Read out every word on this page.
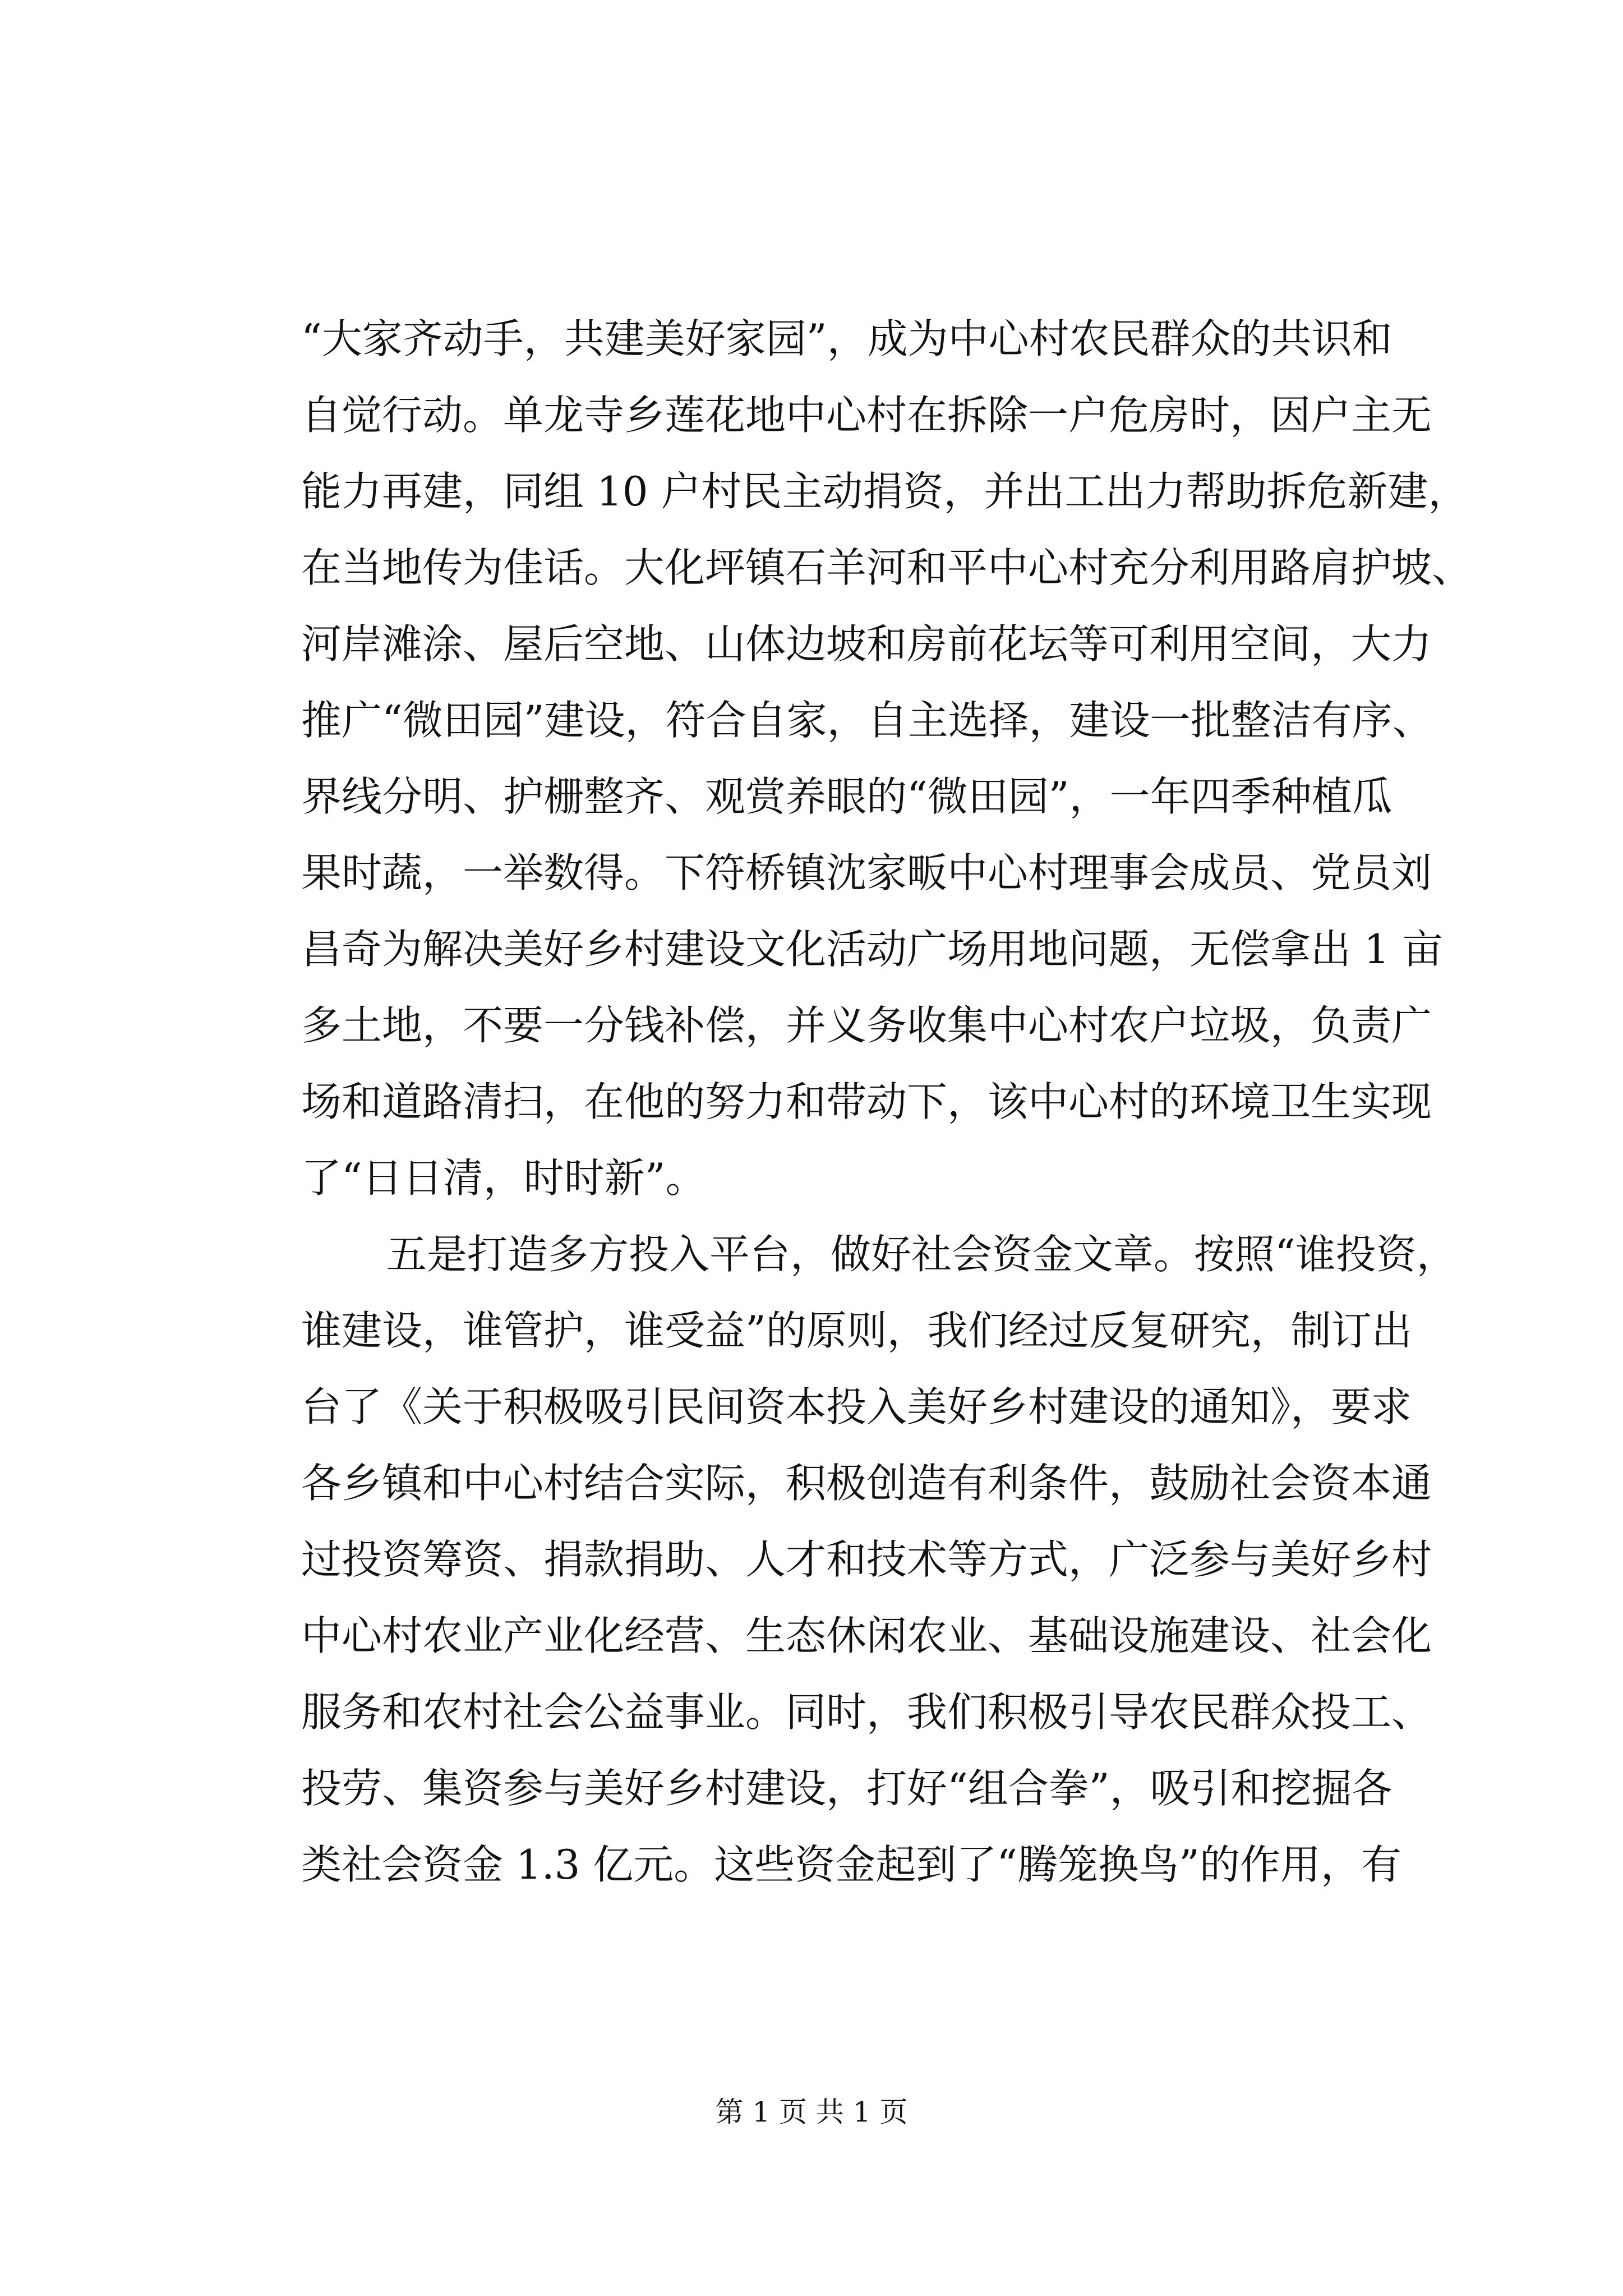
“大家齐动手，共建美好家园”，成为中心村农民群众的共识和
自觉行动。单龙寺乡莲花地中心村在拆除一户危房时，因户主无
能力再建，同组 10 户村民主动捐资，并出工出力帮助拆危新建，
在当地传为佳话。大化坪镇石羊河和平中心村充分利用路肩护坡、
河岸滩涂、屋后空地、山体边坡和房前花坛等可利用空间，大力
推广“微田园”建设，符合自家，自主选择，建设一批整洁有序、
界线分明、护栅整齐、观赏养眼的“微田园”，一年四季种植瓜
果时蔬，一举数得。下符桥镇沈家畈中心村理事会成员、党员刘
昌奇为解决美好乡村建设文化活动广场用地问题，无偿拿出 1 亩
多土地，不要一分钱补偿，并义务收集中心村农户垃圾，负责广
场和道路清扫，在他的努力和带动下，该中心村的环境卫生实现
了“日日清，时时新”。
五是打造多方投入平台，做好社会资金文章。按照“谁投资，
谁建设，谁管护，谁受益”的原则，我们经过反复研究，制订出
台了《关于积极吸引民间资本投入美好乡村建设的通知》，要求
各乡镇和中心村结合实际，积极创造有利条件，鼓励社会资本通
过投资筹资、捐款捐助、人才和技术等方式，广泛参与美好乡村
中心村农业产业化经营、生态休闲农业、基础设施建设、社会化
服务和农村社会公益事业。同时，我们积极引导农民群众投工、
投劳、集资参与美好乡村建设，打好“组合拳”，吸引和挖掘各
类社会资金 1.3 亿元。这些资金起到了“腾笼换鸟”的作用，有
第 1 页 共 1 页
